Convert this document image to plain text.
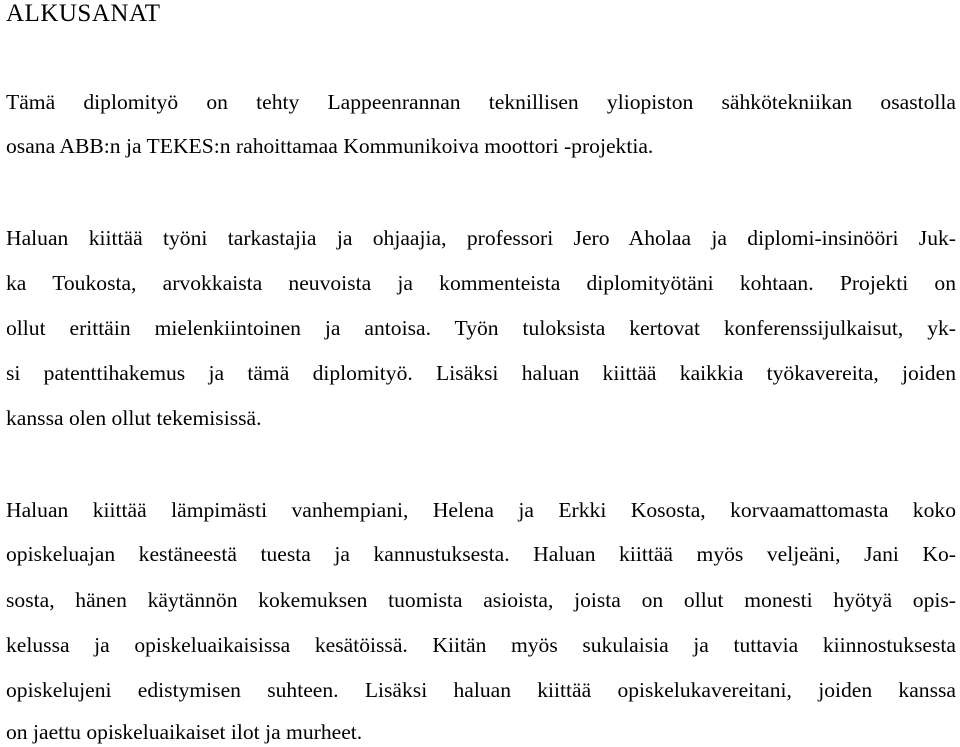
ALKUSANAT

Tämä diplomityö on tehty Lappeenrannan teknillisen yliopiston sähkötekniikan osastolla

osana ABB:n ja TEKES:n rahoittamaa Kommunikoiva moottori -projektia.

Haluan kiittää työni tarkastajia ja ohjaajia, professori Jero Aholaa ja diplomi-insinööri Juk-

ka Toukosta, arvokkaista neuvoista ja kommenteista diplomityötäni kohtaan. Projekti on

ollut erittäin mielenkiintoinen ja antoisa. Työn tuloksista kertovat konferenssijulkaisut, yk-

si patenttihakemus ja tämä diplomityö. Lisäksi haluan kiittää kaikkia työkavereita, joiden

kanssa olen ollut tekemisissä.

Haluan kiittää lämpimästi vanhempiani, Helena ja Erkki Kososta, korvaamattomasta koko

opiskeluajan kestäneestä tuesta ja kannustuksesta. Haluan kiittää myös veljeäni, Jani Ko-

sosta, hänen käytännön kokemuksen tuomista asioista, joista on ollut monesti hyötyä opis-

kelussa ja opiskeluaikaisissa kesätöissä. Kiitän myös sukulaisia ja tuttavia kiinnostuksesta

opiskelujeni edistymisen suhteen. Lisäksi haluan kiittää opiskelukavereitani, joiden kanssa

on jaettu opiskeluaikaiset ilot ja murheet.
